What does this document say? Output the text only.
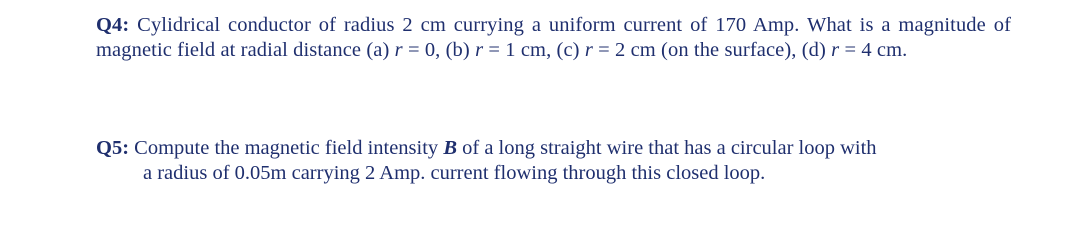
Q4: Cylidrical conductor of radius 2 cm currying a uniform current of 170 Amp. What is a magnitude of magnetic field at radial distance (a) r = 0, (b) r = 1 cm, (c) r = 2 cm (on the surface), (d) r = 4 cm.
Q5: Compute the magnetic field intensity B of a long straight wire that has a circular loop with
a radius of 0.05m carrying 2 Amp. current flowing through this closed loop.
